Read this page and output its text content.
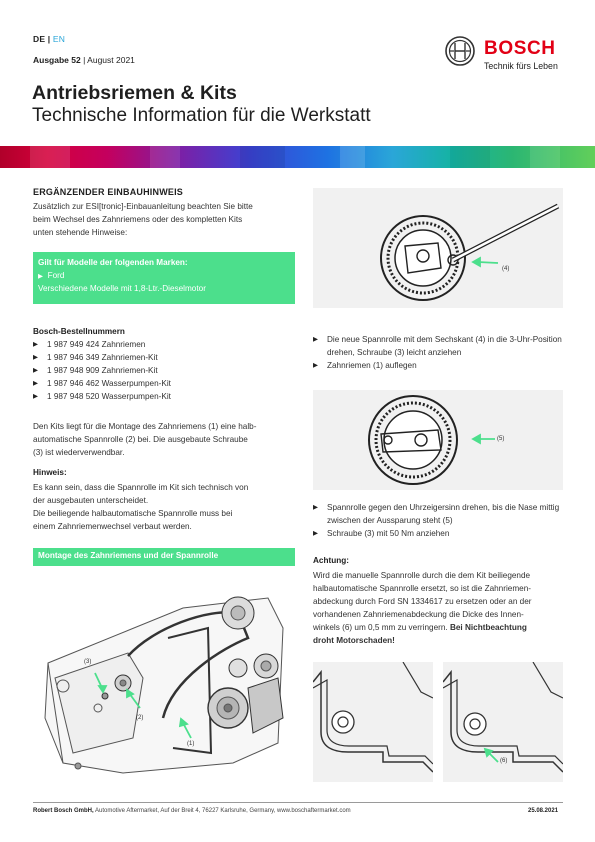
DE | EN
Ausgabe 52 | August 2021
Antriebsriemen & Kits
Technische Information für die Werkstatt
BOSCH
Technik fürs Leben
ERGÄNZENDER EINBAUHINWEIS
Zusätzlich zur ESI[tronic]-Einbauanleitung beachten Sie bitte
beim Wechsel des Zahnriemens oder des kompletten Kits
unten stehende Hinweise:
Gilt für Modelle der folgenden Marken:
▶ Ford
Verschiedene Modelle mit 1,8-Ltr.-Dieselmotor
Bosch-Bestellnummern
▶ 1 987 949 424 Zahnriemen
▶ 1 987 946 349 Zahnriemen-Kit
▶ 1 987 948 909 Zahnriemen-Kit
▶ 1 987 946 462 Wasserpumpen-Kit
▶ 1 987 948 520 Wasserpumpen-Kit
Den Kits liegt für die Montage des Zahnriemens (1) eine halb-
automatische Spannrolle (2) bei. Die ausgebaute Schraube
(3) ist wiederverwendbar.
Hinweis:
Es kann sein, dass die Spannrolle im Kit sich technisch von
der ausgebauten unterscheidet.
Die beiliegende halbautomatische Spannrolle muss bei
einem Zahnriemenwechsel verbaut werden.
Montage des Zahnriemens und der Spannrolle
(3)
(2)
(1)
(4)
▶ Die neue Spannrolle mit dem Sechskant (4) in die 3-Uhr-Position drehen, Schraube (3) leicht anziehen
▶ Zahnriemen (1) auflegen
(5)
▶ Spannrolle gegen den Uhrzeigersinn drehen, bis die Nase mittig zwischen der Aussparung steht (5)
▶ Schraube (3) mit 50 Nm anziehen
Achtung:
Wird die manuelle Spannrolle durch die dem Kit beiliegende
halbautomatische Spannrolle ersetzt, so ist die Zahnriemen-
abdeckung durch Ford SN 1334617 zu ersetzen oder an der
vorhandenen Zahnriemenabdeckung die Dicke des Innen-
winkels (6) um 0,5 mm zu verringern. Bei Nichtbeachtung
droht Motorschaden!
(6)
Robert Bosch GmbH, Automotive Aftermarket, Auf der Breit 4, 76227 Karlsruhe, Germany, www.boschaftermarket.com	25.08.2021
